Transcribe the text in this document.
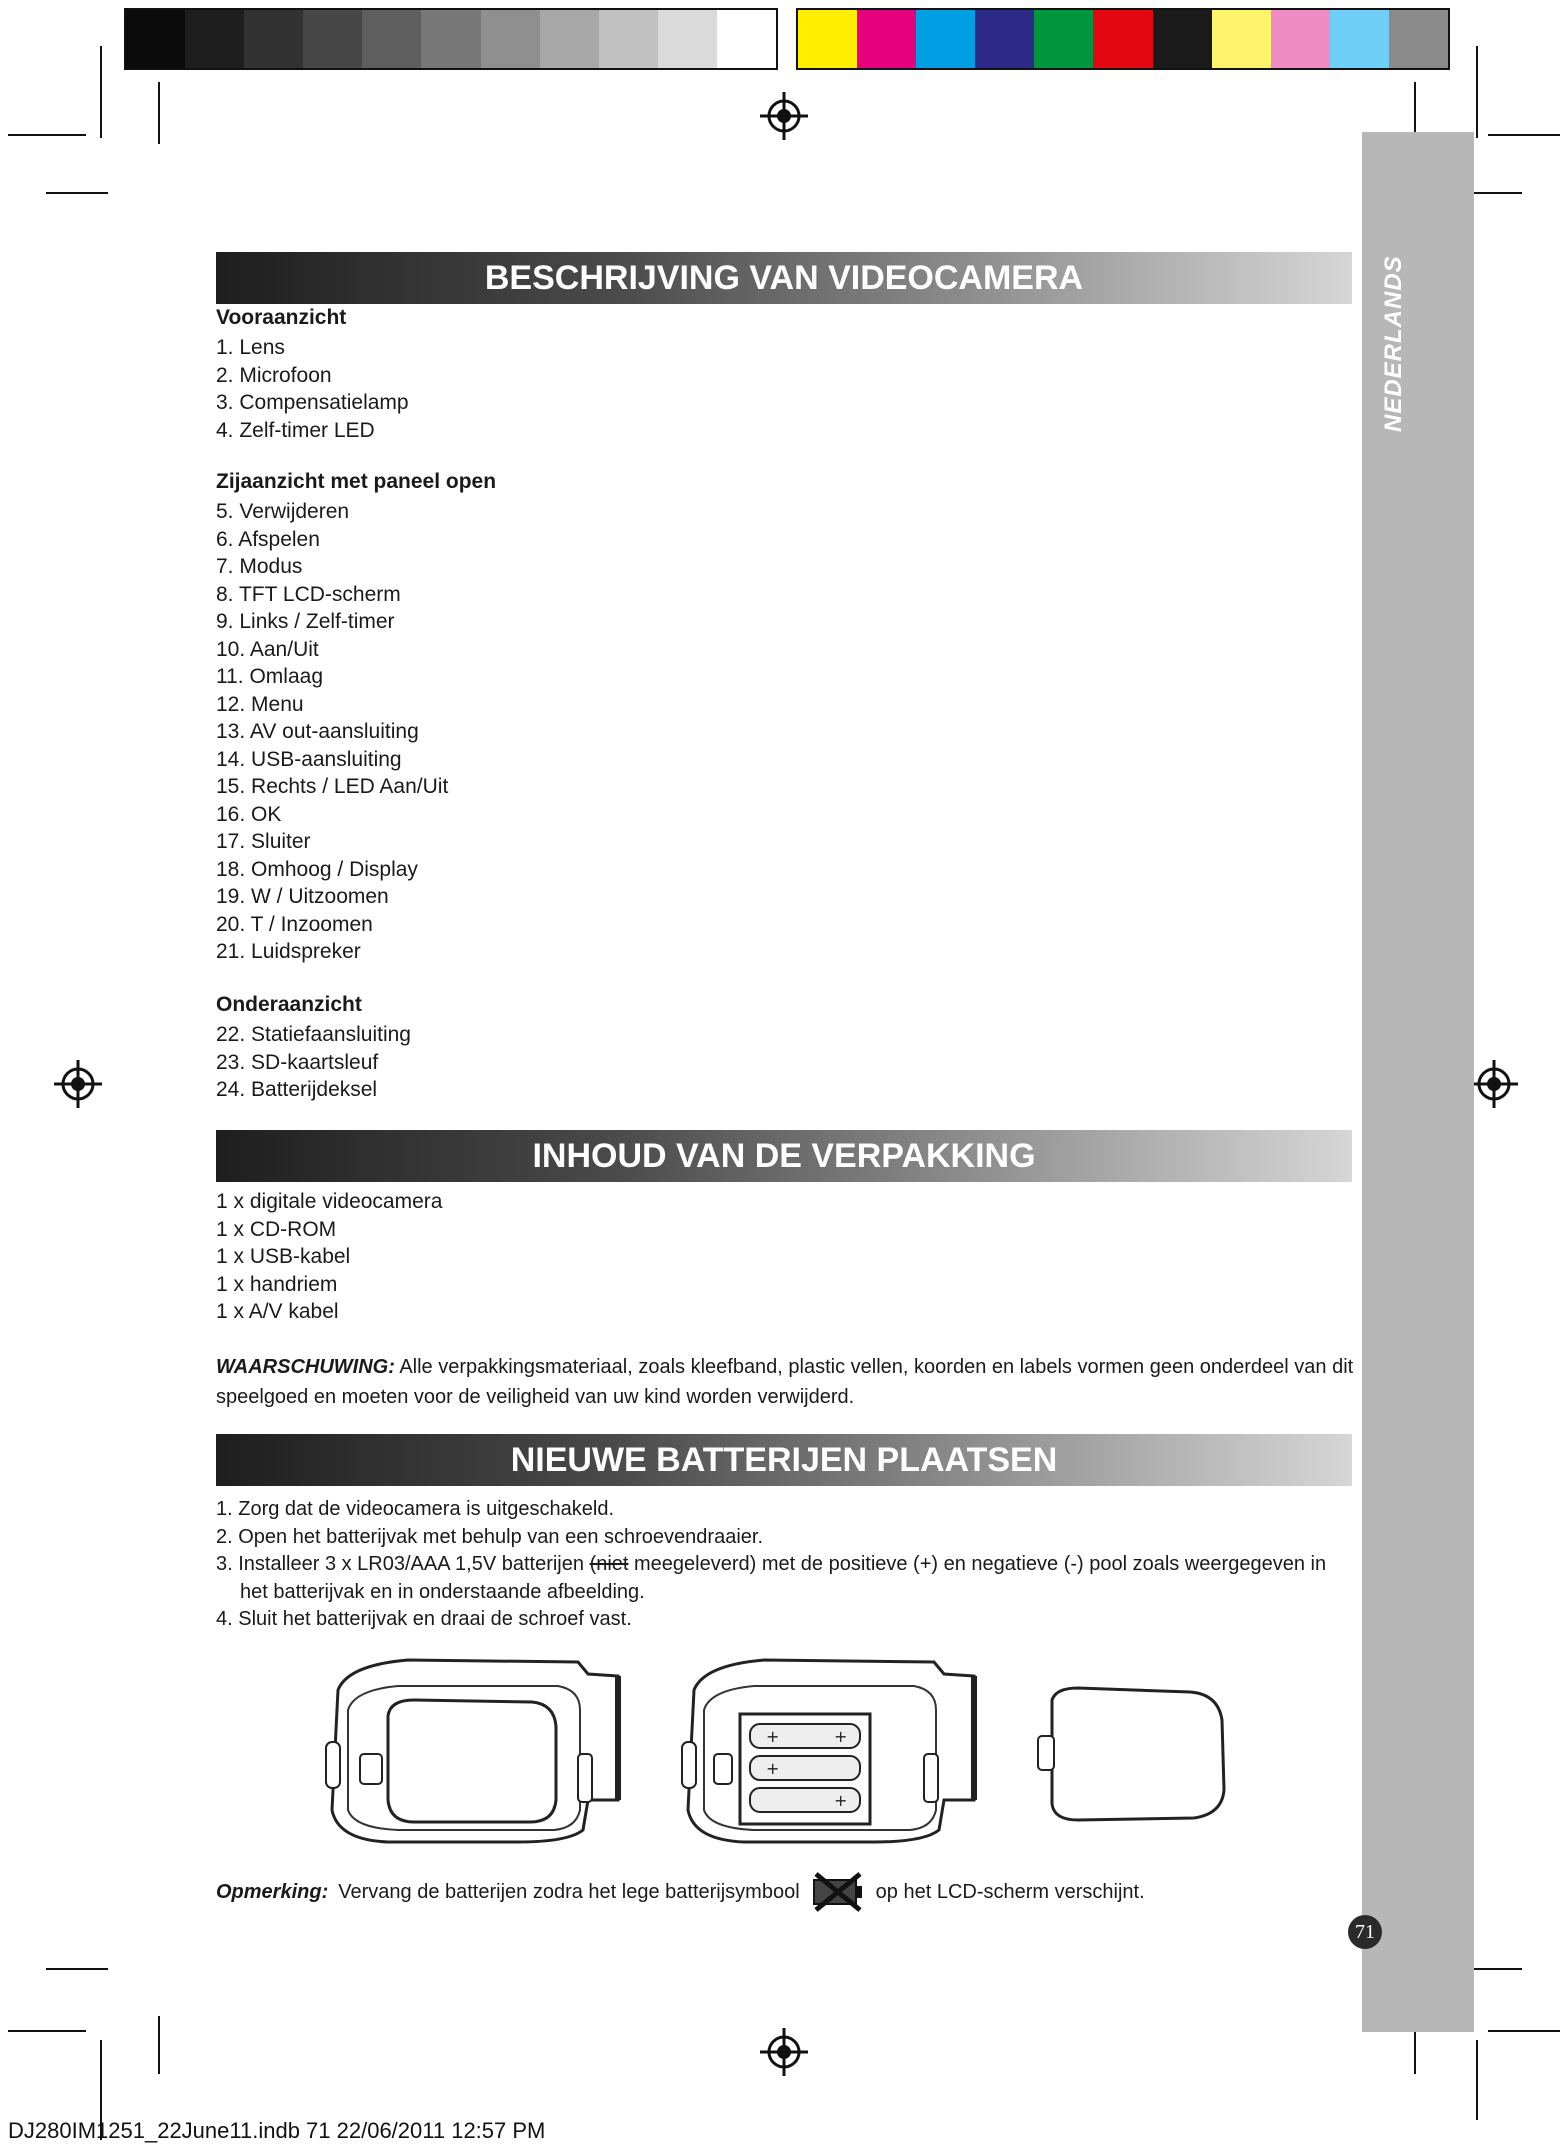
NEDERLANDS
BESCHRIJVING VAN VIDEOCAMERA
Vooraanzicht
1. Lens
2. Microfoon
3. Compensatielamp
4. Zelf-timer LED
Zijaanzicht met paneel open
5. Verwijderen
6. Afspelen
7. Modus
8. TFT LCD-scherm
9. Links / Zelf-timer
10. Aan/Uit
11. Omlaag
12. Menu
13. AV out-aansluiting
14. USB-aansluiting
15. Rechts / LED Aan/Uit
16. OK
17. Sluiter
18. Omhoog / Display
19. W / Uitzoomen
20. T / Inzoomen
21. Luidspreker
Onderaanzicht
22. Statiefaansluiting
23. SD-kaartsleuf
24. Batterijdeksel
INHOUD VAN DE VERPAKKING
1 x digitale videocamera
1 x CD-ROM
1 x USB-kabel
1 x handriem
1 x A/V kabel
WAARSCHUWING: Alle verpakkingsmateriaal, zoals kleefband, plastic vellen, koorden en labels vormen geen onderdeel van dit speelgoed en moeten voor de veiligheid van uw kind worden verwijderd.
NIEUWE BATTERIJEN PLAATSEN
1. Zorg dat de videocamera is uitgeschakeld.
2. Open het batterijvak met behulp van een schroevendraaier.
3. Installeer 3 x LR03/AAA 1,5V batterijen (niet meegeleverd) met de positieve (+) en negatieve (-) pool zoals weergegeven in het batterijvak en in onderstaande afbeelding.
4. Sluit het batterijvak en draai de schroef vast.
+	+
+
+
Opmerking: Vervang de batterijen zodra het lege batterijsymbool	op het LCD-scherm verschijnt.
71
DJ280IM1251_22June11.indb 71 22/06/2011 12:57 PM
